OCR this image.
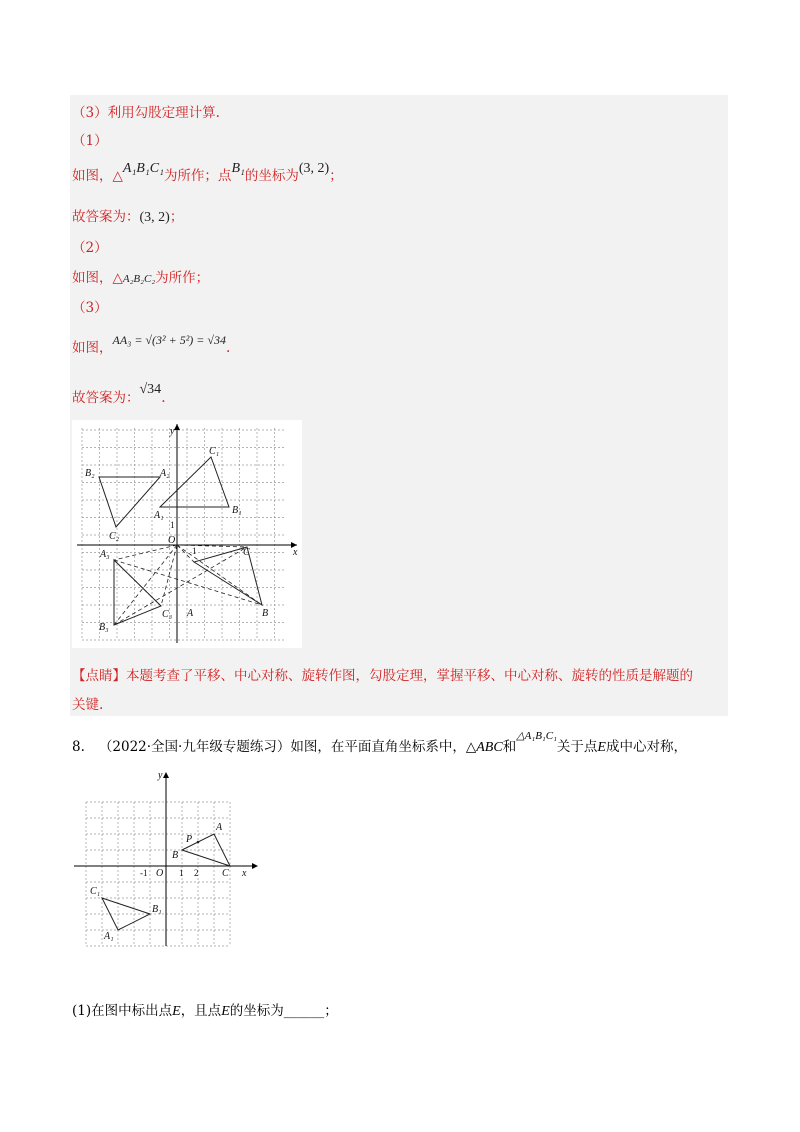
（3）利用勾股定理计算.
（1）
如图，△A₁B₁C₁为所作；点B₁的坐标为(3, 2)；
故答案为：(3, 2)；
（2）
如图，△A₂B₂C₂为所作；
（3）
如图，AA₃ = √(3² + 5²) = √34.
故答案为：√34.
y
x
O
1
1
A	B
C
A₁	B₁
C₁
A₂
B₂
C₂
A₃
B₃
C₃
【点睛】本题考查了平移、中心对称、旋转作图，勾股定理，掌握平移、中心对称、旋转的性质是解题的
关键.
8. （2022·全国·九年级专题练习）如图，在平面直角坐标系中，△ABC和$^{\triangle A_1B_1C_1}$关于点E成中心对称，
y
x
O
-1	1 2
A
B
C
P
A₁
B₁
C₁
(1)在图中标出点E，且点E的坐标为______；
